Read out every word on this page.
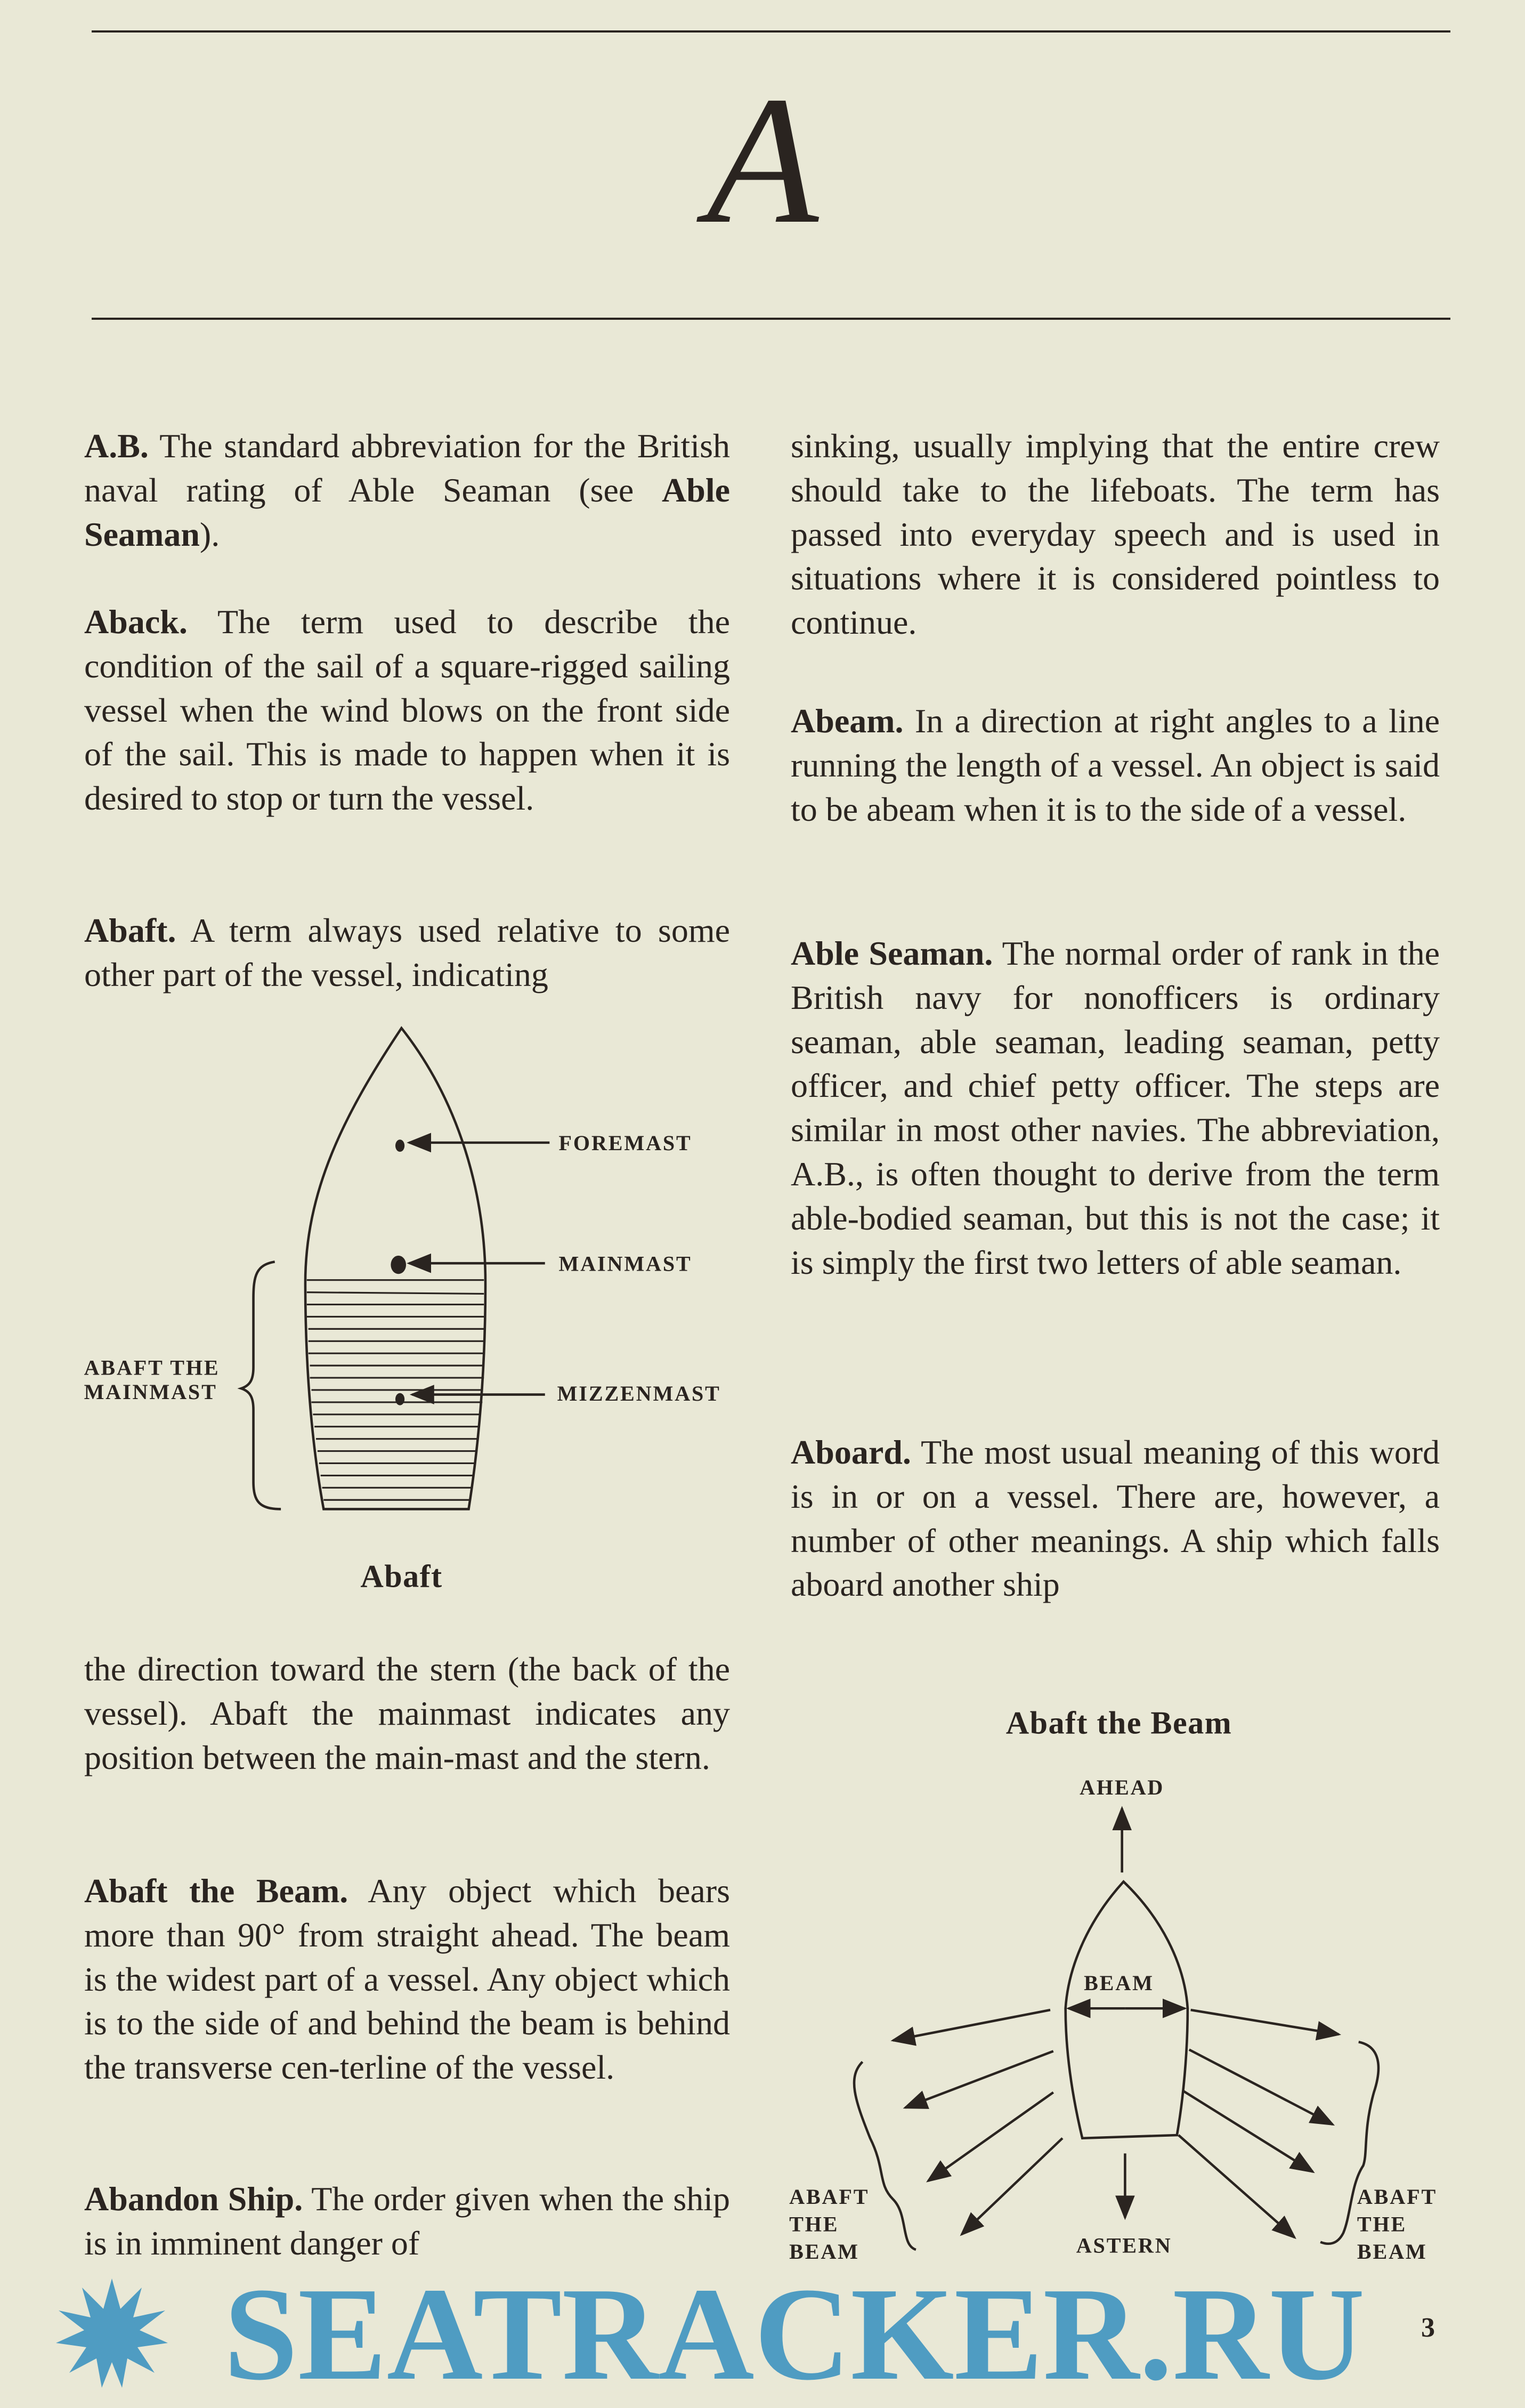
FOREMAST
MAINMAST
MIZZENMAST
ABAFT THE
MAINMAST
Abaft
Abaft the Beam
AHEAD
BEAM
ABAFT
THE
BEAM	ASTERN
ABAFT
THE
BEAM
A

A.B. The standard abbreviation for the British naval rating of Able Seaman (see Able Seaman).

Aback. The term used to describe the condition of the sail of a square-rigged sailing vessel when the wind blows on the front side of the sail. This is made to happen when it is desired to stop or turn the vessel.

Abaft. A term always used relative to some other part of the vessel, indicating

the direction toward the stern (the back of the vessel). Abaft the mainmast indicates any position between the main-mast and the stern.

Abaft the Beam. Any object which bears more than 90° from straight ahead. The beam is the widest part of a vessel. Any object which is to the side of and behind the beam is behind the transverse cen-terline of the vessel.

Abandon Ship. The order given when the ship is in imminent danger of

sinking, usually implying that the entire crew should take to the lifeboats. The term has passed into everyday speech and is used in situations where it is considered pointless to continue.

Abeam. In a direction at right angles to a line running the length of a vessel. An object is said to be abeam when it is to the side of a vessel.

Able Seaman. The normal order of rank in the British navy for nonofficers is ordinary seaman, able seaman, leading seaman, petty officer, and chief petty officer. The steps are similar in most other navies. The abbreviation, A.B., is often thought to derive from the term able-bodied seaman, but this is not the case; it is simply the first two letters of able seaman.

Aboard. The most usual meaning of this word is in or on a vessel. There are, however, a number of other meanings. A ship which falls aboard another ship

SEATRACKER.RU 3
